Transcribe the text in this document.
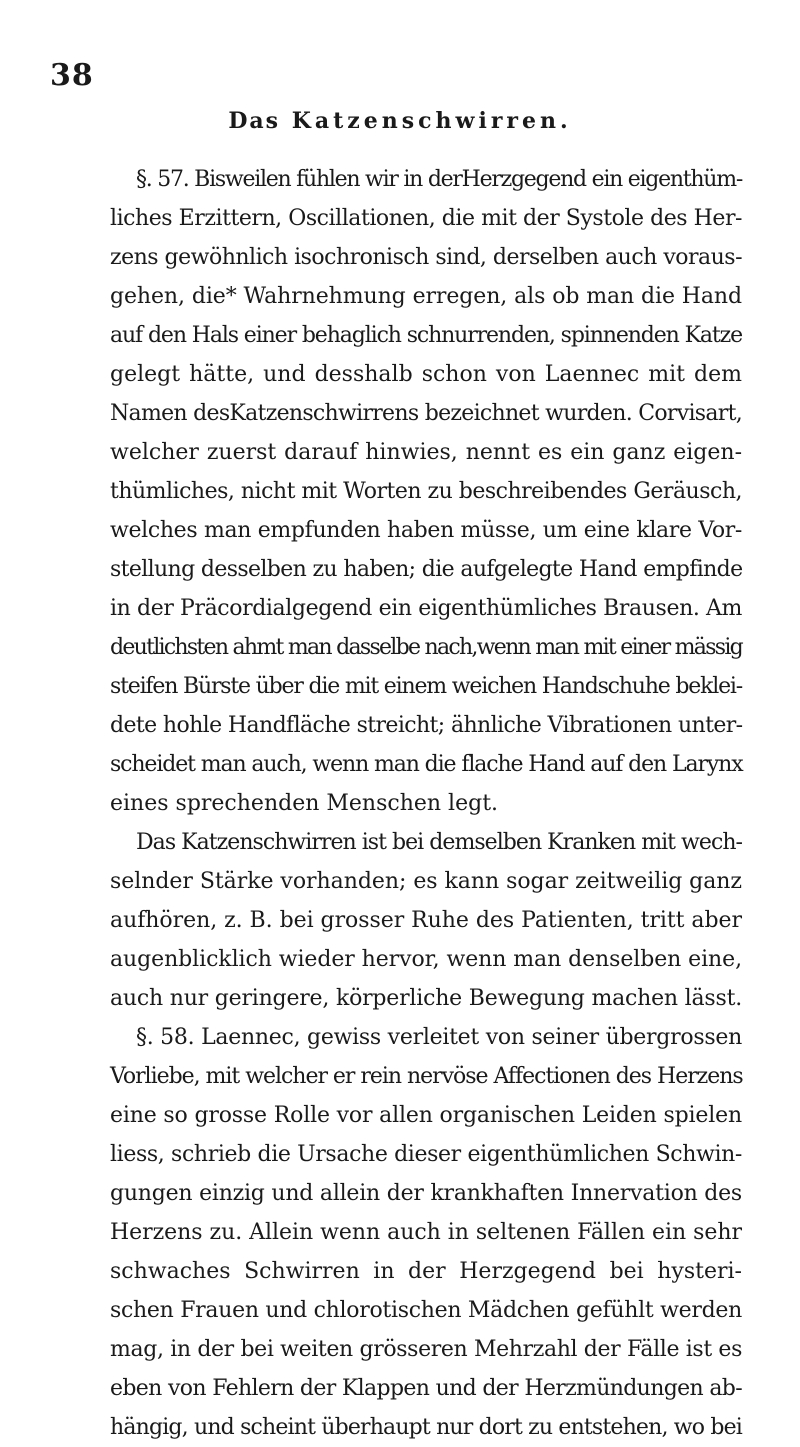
38
Das Katzenschwirren.
§. 57. Bisweilen fühlen wir in derHerzgegend ein eigenthüm-
liches Erzittern, Oscillationen, die mit der Systole des Her-
zens gewöhnlich isochronisch sind, derselben auch voraus-
gehen, die* Wahrnehmung erregen, als ob man die Hand
auf den Hals einer behaglich schnurrenden, spinnenden Katze
gelegt hätte, und desshalb schon von Laennec mit dem
Namen desKatzenschwirrens bezeichnet wurden. Corvisart,
welcher zuerst darauf hinwies, nennt es ein ganz eigen-
thümliches, nicht mit Worten zu beschreibendes Geräusch,
welches man empfunden haben müsse, um eine klare Vor-
stellung desselben zu haben; die aufgelegte Hand empfinde
in der Präcordialgegend ein eigenthümliches Brausen. Am
deutlichsten ahmt man dasselbe nach,wenn man mit einer mässig
steifen Bürste über die mit einem weichen Handschuhe beklei-
dete hohle Handfläche streicht; ähnliche Vibrationen unter-
scheidet man auch, wenn man die flache Hand auf den Larynx
eines sprechenden Menschen legt.
Das Katzenschwirren ist bei demselben Kranken mit wech-
selnder Stärke vorhanden; es kann sogar zeitweilig ganz
aufhören, z. B. bei grosser Ruhe des Patienten, tritt aber
augenblicklich wieder hervor, wenn man denselben eine,
auch nur geringere, körperliche Bewegung machen lässt.
§. 58. Laennec, gewiss verleitet von seiner übergrossen
Vorliebe, mit welcher er rein nervöse Affectionen des Herzens
eine so grosse Rolle vor allen organischen Leiden spielen
liess, schrieb die Ursache dieser eigenthümlichen Schwin-
gungen einzig und allein der krankhaften Innervation des
Herzens zu. Allein wenn auch in seltenen Fällen ein sehr
schwaches Schwirren in der Herzgegend bei hysteri-
schen Frauen und chlorotischen Mädchen gefühlt werden
mag, in der bei weiten grösseren Mehrzahl der Fälle ist es
eben von Fehlern der Klappen und der Herzmündungen ab-
hängig, und scheint überhaupt nur dort zu entstehen, wo bei
